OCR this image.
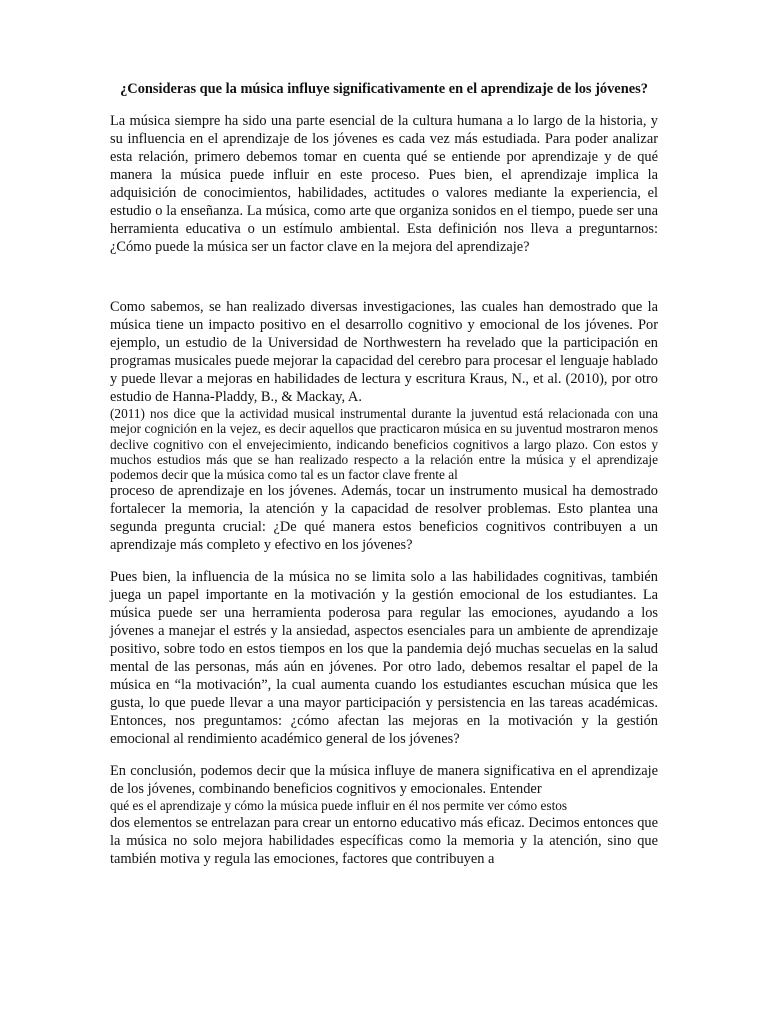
¿Consideras que la música influye significativamente en el aprendizaje de los jóvenes?

La música siempre ha sido una parte esencial de la cultura humana a lo largo de la historia, y su influencia en el aprendizaje de los jóvenes es cada vez más estudiada. Para poder analizar esta relación, primero debemos tomar en cuenta qué se entiende por aprendizaje y de qué manera la música puede influir en este proceso. Pues bien, el aprendizaje implica la adquisición de conocimientos, habilidades, actitudes o valores mediante la experiencia, el estudio o la enseñanza. La música, como arte que organiza sonidos en el tiempo, puede ser una herramienta educativa o un estímulo ambiental. Esta definición nos lleva a preguntarnos: ¿Cómo puede la música ser un factor clave en la mejora del aprendizaje?

Como sabemos, se han realizado diversas investigaciones, las cuales han demostrado que la música tiene un impacto positivo en el desarrollo cognitivo y emocional de los jóvenes. Por ejemplo, un estudio de la Universidad de Northwestern ha revelado que la participación en programas musicales puede mejorar la capacidad del cerebro para procesar el lenguaje hablado y puede llevar a mejoras en habilidades de lectura y escritura Kraus, N., et al. (2010), por otro estudio de Hanna-Pladdy, B., & Mackay, A.

(2011) nos dice que la actividad musical instrumental durante la juventud está relacionada con una mejor cognición en la vejez, es decir aquellos que practicaron música en su juventud mostraron menos declive cognitivo con el envejecimiento, indicando beneficios cognitivos a largo plazo. Con estos y muchos estudios más que se han realizado respecto a la relación entre la música y el aprendizaje podemos decir que la música como tal es un factor clave frente al

proceso de aprendizaje en los jóvenes. Además, tocar un instrumento musical ha demostrado fortalecer la memoria, la atención y la capacidad de resolver problemas. Esto plantea una segunda pregunta crucial: ¿De qué manera estos beneficios cognitivos contribuyen a un aprendizaje más completo y efectivo en los jóvenes?

Pues bien, la influencia de la música no se limita solo a las habilidades cognitivas, también juega un papel importante en la motivación y la gestión emocional de los estudiantes. La música puede ser una herramienta poderosa para regular las emociones, ayudando a los jóvenes a manejar el estrés y la ansiedad, aspectos esenciales para un ambiente de aprendizaje positivo, sobre todo en estos tiempos en los que la pandemia dejó muchas secuelas en la salud mental de las personas, más aún en jóvenes. Por otro lado, debemos resaltar el papel de la música en “la motivación”, la cual aumenta cuando los estudiantes escuchan música que les gusta, lo que puede llevar a una mayor participación y persistencia en las tareas académicas. Entonces, nos preguntamos: ¿cómo afectan las mejoras en la motivación y la gestión emocional al rendimiento académico general de los jóvenes?

En conclusión, podemos decir que la música influye de manera significativa en el aprendizaje de los jóvenes, combinando beneficios cognitivos y emocionales. Entender

qué es el aprendizaje y cómo la música puede influir en él nos permite ver cómo estos

dos elementos se entrelazan para crear un entorno educativo más eficaz. Decimos entonces que la música no solo mejora habilidades específicas como la memoria y la atención, sino que también motiva y regula las emociones, factores que contribuyen a
